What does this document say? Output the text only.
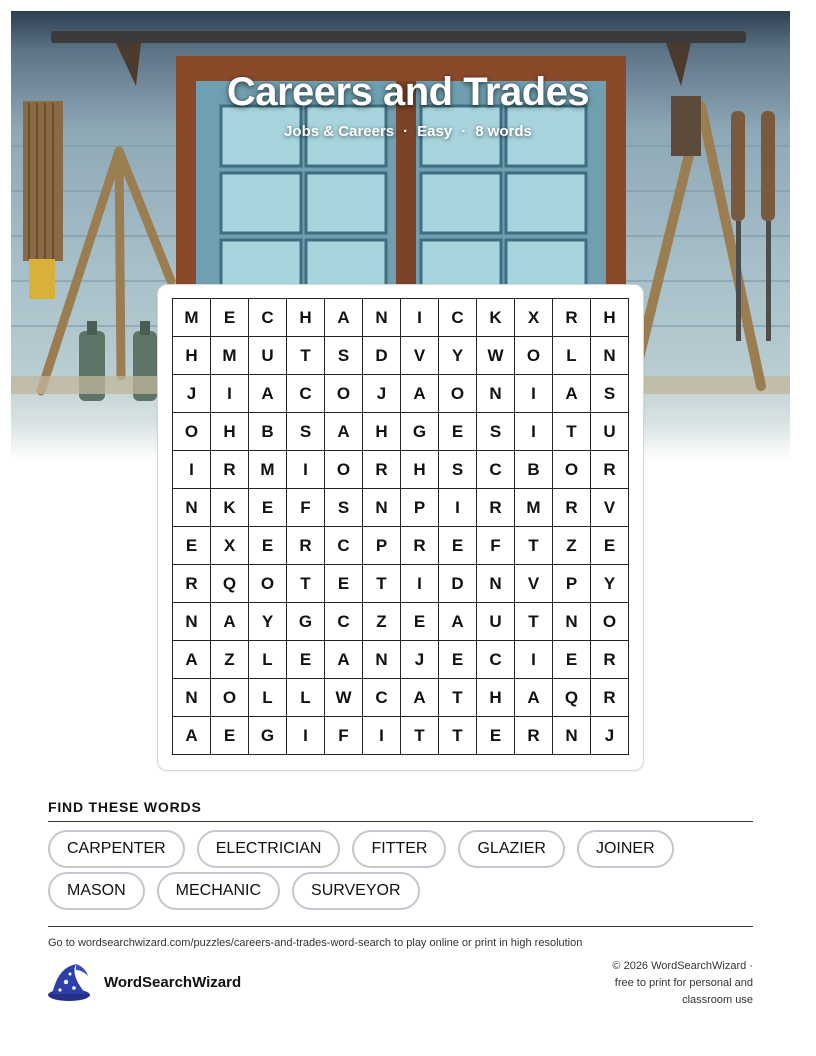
Careers and Trades
Jobs & Careers · Easy · 8 words
M	E	C	H	A	N	I	C	K	X	R	H
H	M	U	T	S	D	V	Y	W	O	L	N
J	I	A	C	O	J	A	O	N	I	A	S
O	H	B	S	A	H	G	E	S	I	T	U
I	R	M	I	O	R	H	S	C	B	O	R
N	K	E	F	S	N	P	I	R	M	R	V
E	X	E	R	C	P	R	E	F	T	Z	E
R	Q	O	T	E	T	I	D	N	V	P	Y
N	A	Y	G	C	Z	E	A	U	T	N	O
A	Z	L	E	A	N	J	E	C	I	E	R
N	O	L	L	W	C	A	T	H	A	Q	R
A	E	G	I	F	I	T	T	E	R	N	J
FIND THESE WORDS
CARPENTER	ELECTRICIAN	FITTER	GLAZIER	JOINER
MASON	MECHANIC	SURVEYOR
Go to wordsearchwizard.com/puzzles/careers-and-trades-word-search to play online or print in high resolution
WordSearchWizard
© 2026 WordSearchWizard ·
free to print for personal and
classroom use
